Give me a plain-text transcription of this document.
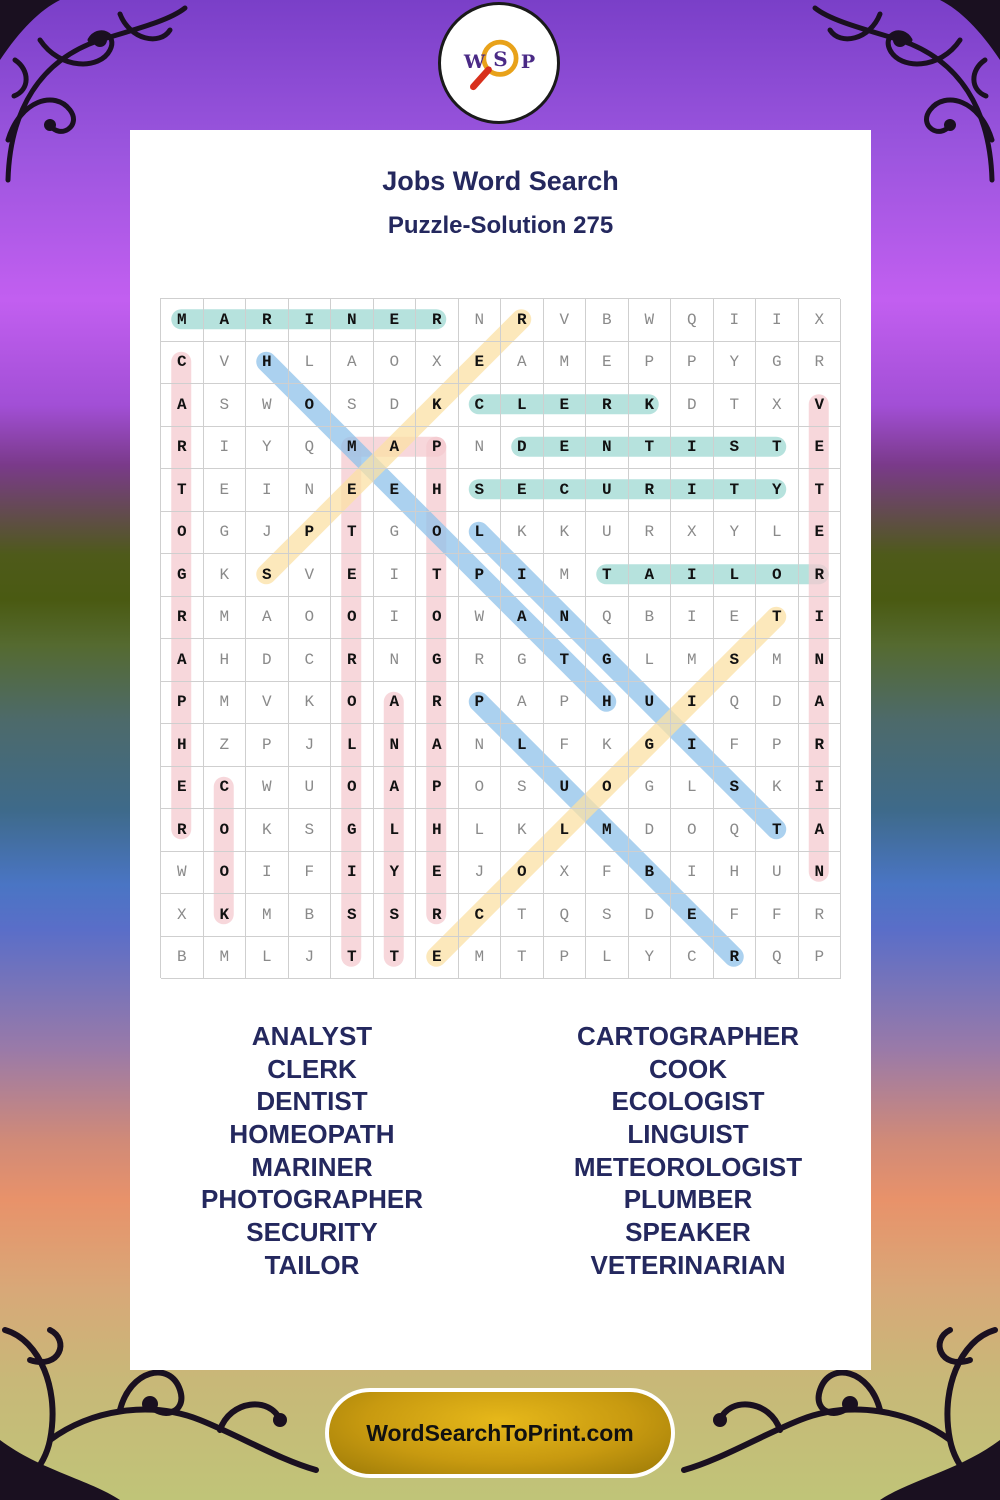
W S P
Jobs Word Search
Puzzle-Solution 275
M	A	R	I	N	E	R	N	R	V	B	W	Q	I	I	X
C	V	H	L	A	O	X	E	A	M	E	P	P	Y	G	R
A	S	W	O	S	D	K	C	L	E	R	K	D	T	X	V
R	I	Y	Q	M	A	P	N	D	E	N	T	I	S	T	E
T	E	I	N	E	E	H	S	E	C	U	R	I	T	Y	T
O	G	J	P	T	G	O	L	K	K	U	R	X	Y	L	E
G	K	S	V	E	I	T	P	I	M	T	A	I	L	O	R
R	M	A	O	O	I	O	W	A	N	Q	B	I	E	T	I
A	H	D	C	R	N	G	R	G	T	G	L	M	S	M	N
P	M	V	K	O	A	R	P	A	P	H	U	I	Q	D	A
H	Z	P	J	L	N	A	N	L	F	K	G	I	F	P	R
E	C	W	U	O	A	P	O	S	U	O	G	L	S	K	I
R	O	K	S	G	L	H	L	K	L	M	D	O	Q	T	A
W	O	I	F	I	Y	E	J	O	X	F	B	I	H	U	N
X	K	M	B	S	S	R	C	T	Q	S	D	E	F	F	R
B	M	L	J	T	T	E	M	T	P	L	Y	C	R	Q	P
ANALYST
CLERK
DENTIST
HOMEOPATH
MARINER
PHOTOGRAPHER
SECURITY
TAILOR
CARTOGRAPHER
COOK
ECOLOGIST
LINGUIST
METEOROLOGIST
PLUMBER
SPEAKER
VETERINARIAN
WordSearchToPrint.com
